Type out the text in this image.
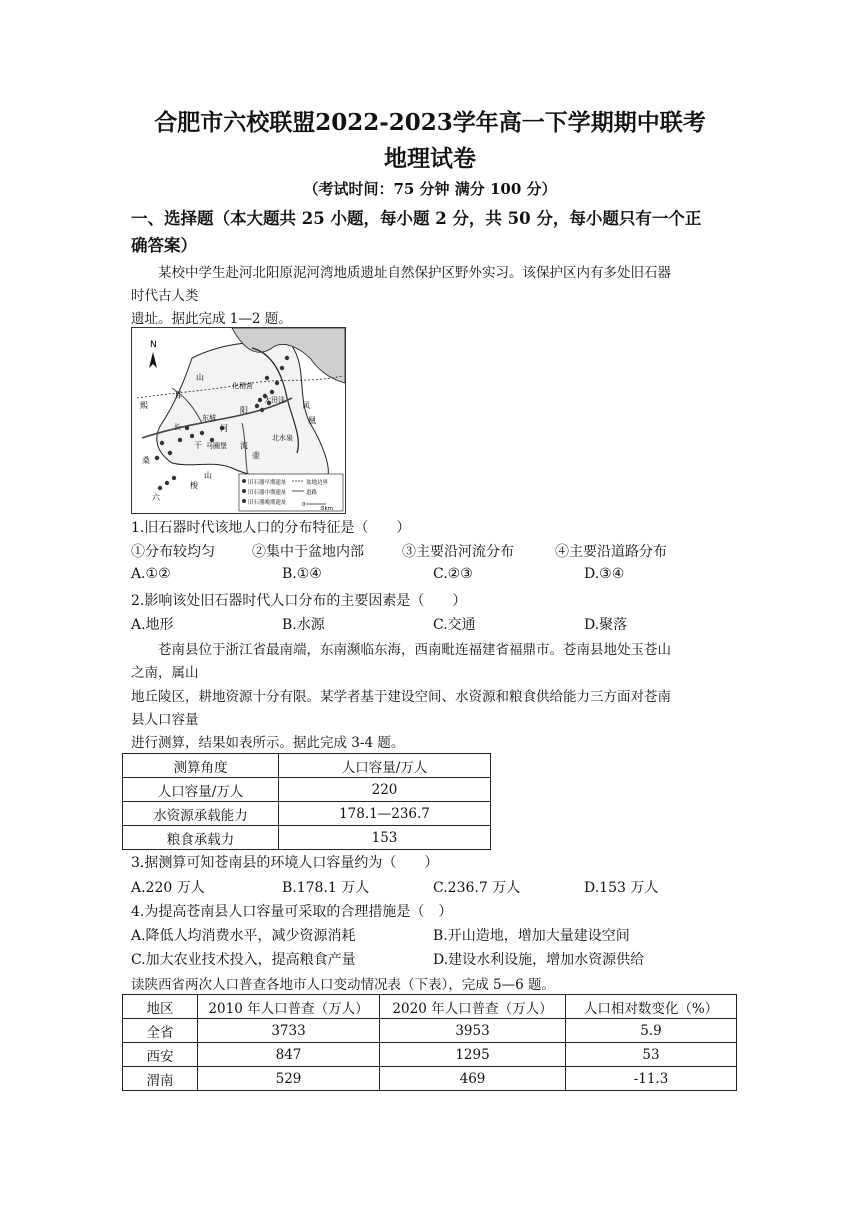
合肥市六校联盟2022-2023学年高一下学期期中联考
地理试卷
（考试时间：75 分钟 满分 100 分）
一、选择题（本大题共 25 小题，每小题 2 分，共 50 分，每小题只有一个正
确答案）
某校中学生赴河北阳原泥河湾地质遗址自然保护区野外实习。该保护区内有多处旧石器
时代古人类
遗址。据此完成 1—2 题。
N
山
耳
熙
化稍营
大田洼
凤
凰
东城
河
阳
长
干 马圈堡 流
壶
北水泉
桑
山
梭
六
旧石器早期遗址
旧石器中期遗址
旧石器晚期遗址
盆地边界
道路
0
5km
1.旧石器时代该地人口的分布特征是（　　）
①分布较均匀	②集中于盆地内部	③主要沿河流分布	④主要沿道路分布
A.①②	B.①④	C.②③	D.③④
2.影响该处旧石器时代人口分布的主要因素是（　　）
A.地形	B.水源	C.交通	D.聚落
苍南县位于浙江省最南端，东南濒临东海，西南毗连福建省福鼎市。苍南县地处玉苍山
之南，属山
地丘陵区，耕地资源十分有限。某学者基于建设空间、水资源和粮食供给能力三方面对苍南
县人口容量
进行测算，结果如表所示。据此完成 3-4 题。
测算角度	人口容量/万人
人口容量/万人	220
水资源承载能力	178.1—236.7
粮食承载力	153
3.据测算可知苍南县的环境人口容量约为（　　）
A.220 万人	B.178.1 万人	C.236.7 万人	D.153 万人
4.为提高苍南县人口容量可采取的合理措施是（　）
A.降低人均消费水平，减少资源消耗	B.开山造地，增加大量建设空间
C.加大农业技术投入，提高粮食产量	D.建设水利设施，增加水资源供给
读陕西省两次人口普查各地市人口变动情况表（下表），完成 5—6 题。
地区	2010 年人口普查（万人）	2020 年人口普查（万人）	人口相对数变化（%）
全省	3733	3953	5.9
西安	847	1295	53
渭南	529	469	-11.3
